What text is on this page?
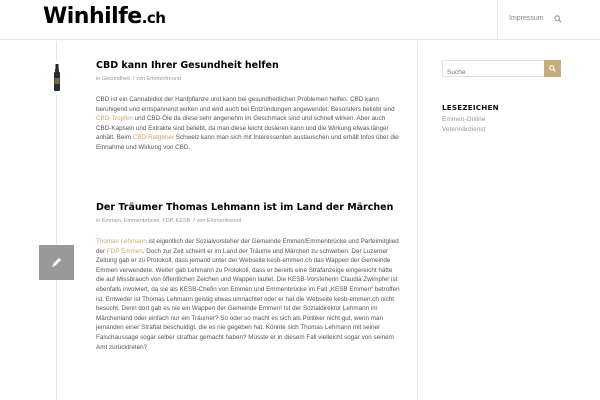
Winhilfe.ch	Impressum
CBD kann Ihrer Gesundheit helfen
in Gesundheit / von Emmenfreund
CBD ist ein Cannabidiol der Hanfpflanze und kann bei gesundheitlichen Problemen helfen. CBD kann beruhigend und entspannend wirken und wird auch bei Entzündungen angewendet. Besonders beliebt sind CBD-Tropfen und CBD-Öle da diese sehr angenehm im Geschmack sind und schnell wirken. Aber auch CBD-Kapseln und Extrakte sind beliebt, da man diese leicht dosieren kann und die Wirkung etwas länger anhält. Beim CBD-Ratgeber Schweiz kann man sich mit Interessenten austauschen und erhält Infos über die Einnahme und Wirkung von CBD.
Der Träumer Thomas Lehmann ist im Land der Märchen
in Emmen, Emmenbrücke, FDP, KESB / von Emmenfreund
Thomas Lehmann ist eigentlich der Sozialvorsteher der Gemeinde Emmen/Emmenbrücke und Parteimitglied der FDP Emmen. Doch zur Zeit scheint er im Land der Träume und Märchen zu schweben. Der Luzerner Zeitung gab er zu Protokoll, dass jemand unter der Webseite kesb-emmen.ch das Wappen der Gemeinde Emmen verwendete. Weiter gab Lehmann zu Protokoll, dass er bereits eine Strafanzeige eingereicht hätte die auf Missbrauch von öffentlichen Zeichen und Wappen lautet. Die KESB-Vorsteherin Claudia Zwimpfer ist ebenfalls involviert, da sie als KESB-Chefin von Emmen und Emmenbrücke im Fall „KESB Emmen“ betroffen ist. Entweder ist Thomas Lehmann geistig etwas umnachtet oder er hat die Webseite kesb-emmen.ch nicht besucht. Denn dort gab es nie ein Wappen der Gemeinde Emmen! Ist der Sozialdirektor Lehmann im Märchenland oder einfach nur ein Träumer? So oder so macht es sich als Politiker nicht gut, wenn man jemanden einer Straftat beschuldigt, die es nie gegeben hat. Könnte sich Thomas Lehmann mit seiner Falschaussage sogar selber strafbar gemacht haben? Müsste er in diesem Fall vielleicht sogar von seinem Amt zurücktreten?
Suche
LESEZEICHEN
Emmen-Online
Veterinärdienst
